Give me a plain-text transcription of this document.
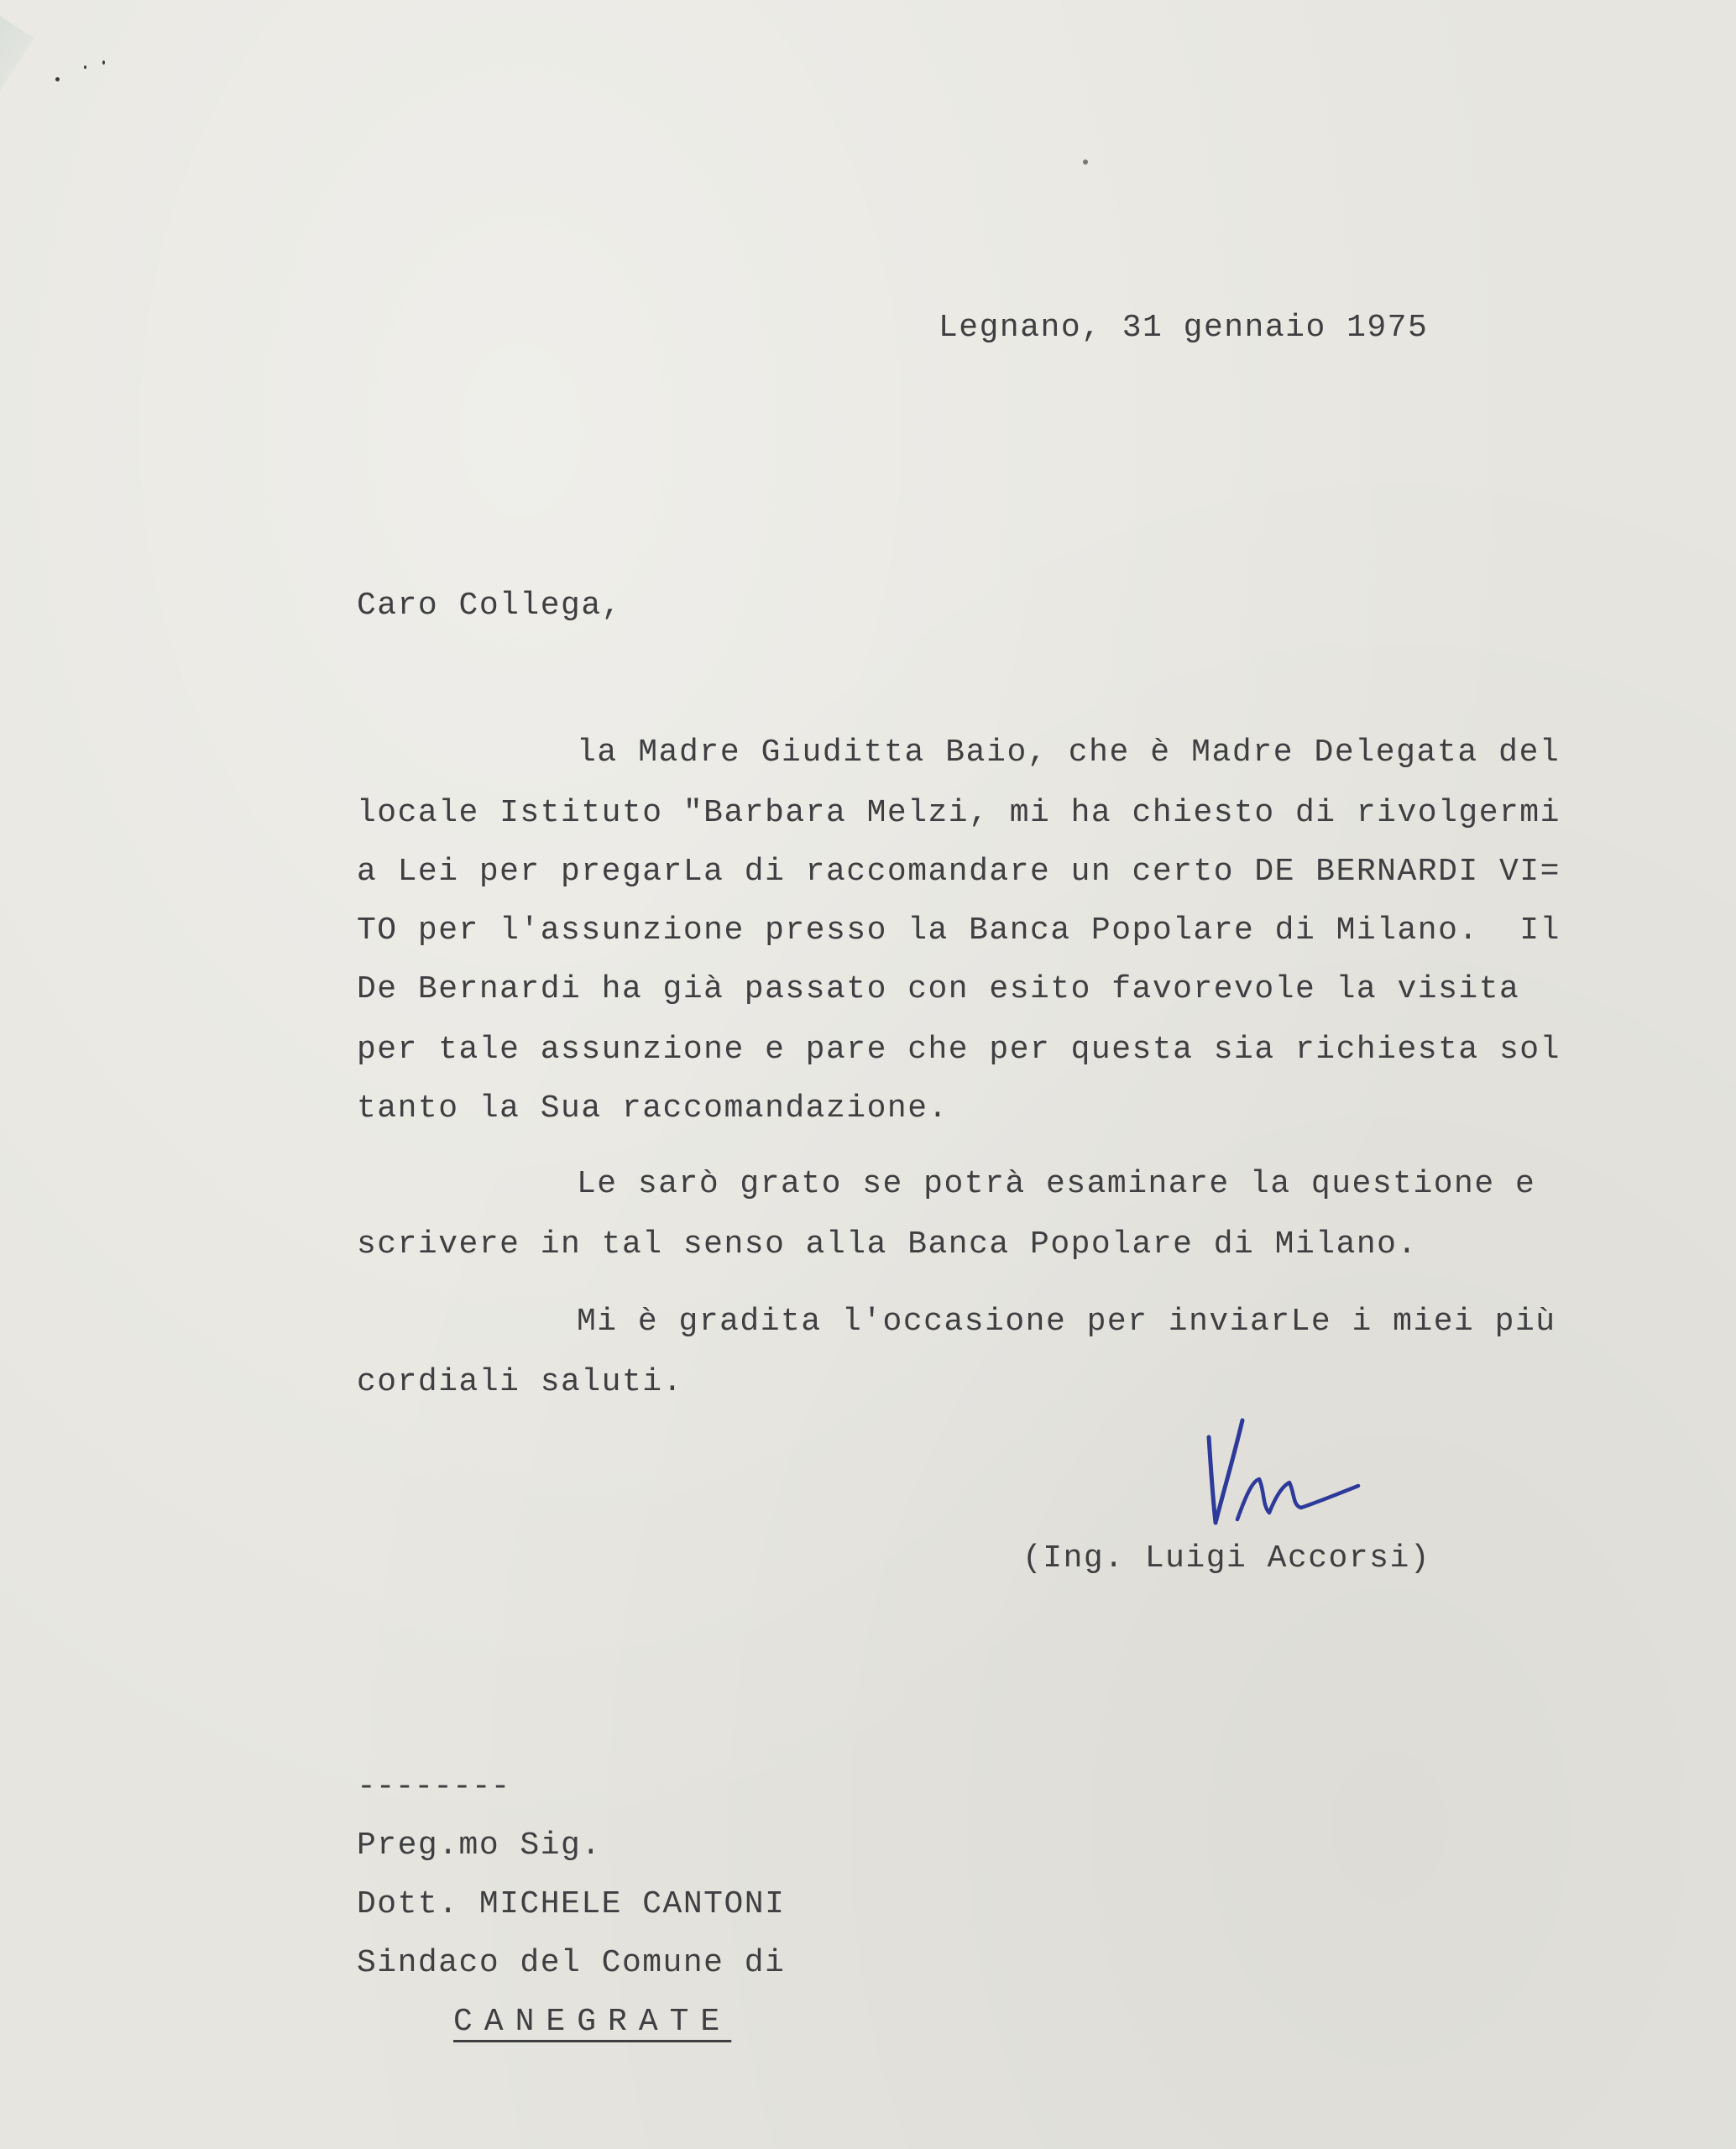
Legnano, 31 gennaio 1975

Caro Collega,

la Madre Giuditta Baio, che è Madre Delegata del

locale Istituto "Barbara Melzi, mi ha chiesto di rivolgermi

a Lei per pregarLa di raccomandare un certo DE BERNARDI VI=

TO per l'assunzione presso la Banca Popolare di Milano.  Il

De Bernardi ha già passato con esito favorevole la visita

per tale assunzione e pare che per questa sia richiesta sol

tanto la Sua raccomandazione.

Le sarò grato se potrà esaminare la questione e

scrivere in tal senso alla Banca Popolare di Milano.

Mi è gradita l'occasione per inviarLe i miei più

cordiali saluti.

(Ing. Luigi Accorsi)

--------

Preg.mo Sig.

Dott. MICHELE CANTONI

Sindaco del Comune di

CANEGRATE
